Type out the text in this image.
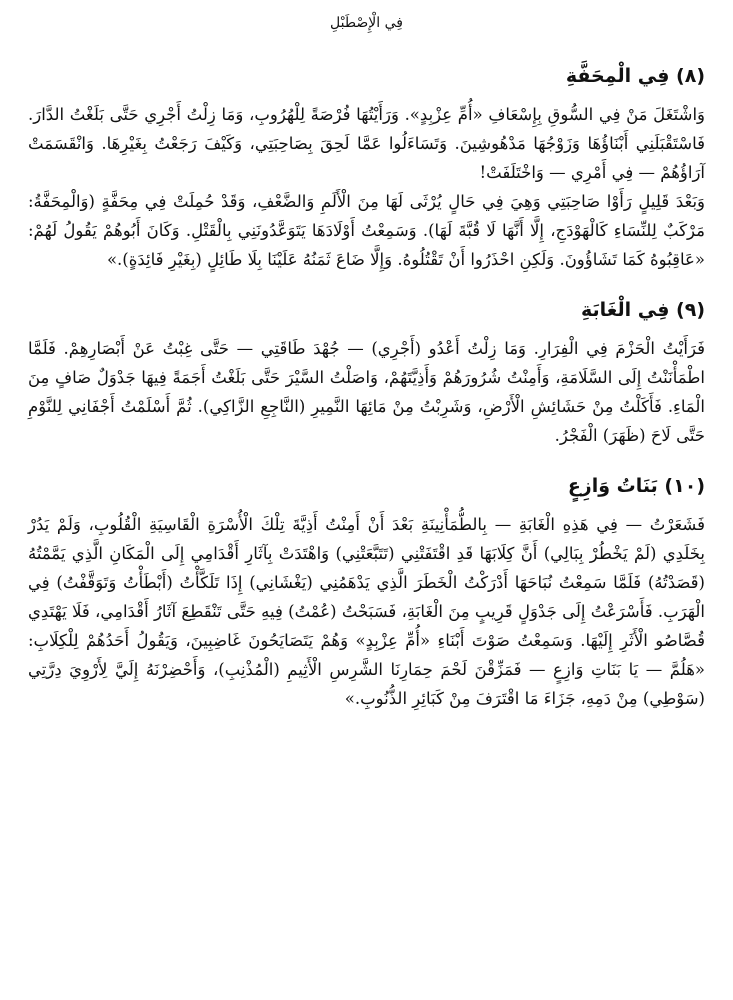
فِي الْإِصْطَبْلِ
(٨) فِي الْمِحَفَّةِ

وَاشْتَغَلَ مَنْ فِي السُّوقِ بِإِسْعَافِ «أُمِّ عِزْبِدٍ». وَرَأَيْتُهَا فُرْصَةً لِلْهُرُوبِ، وَمَا زِلْتُ أَجْرِي حَتَّى بَلَغْتُ الدَّارَ. فَاسْتَقْبَلَنِي أَبْنَاؤُهَا وَزَوْجُهَا مَدْهُوشِينَ. وَتَسَاءَلُوا عَمَّا لَحِقَ بِصَاحِبَتِي، وَكَيْفَ رَجَعْتُ بِغَيْرِهَا. وَانْقَسَمَتْ آرَاؤُهُمْ — فِي أَمْرِي — وَاخْتَلَفَتْ!

وَبَعْدَ قَلِيلٍ رَأَوْا صَاحِبَتِي وَهِيَ فِي حَالٍ يُرْثَى لَهَا مِنَ الْأَلَمِ وَالضَّعْفِ، وَقَدْ حُمِلَتْ فِي مِحَفَّةٍ (وَالْمِحَفَّةُ: مَرْكَبٌ لِلنِّسَاءِ كَالْهَوْدَجِ، إِلَّا أَنَّهَا لَا قُبَّةَ لَهَا). وَسَمِعْتُ أَوْلَادَهَا يَتَوَعَّدُونَنِي بِالْقَتْلِ. وَكَانَ أَبُوهُمْ يَقُولُ لَهُمْ: «عَاقِبُوهُ كَمَا تَشَاؤُونَ. وَلَكِنِ احْذَرُوا أَنْ تَقْتُلُوهُ. وَإِلَّا ضَاعَ ثَمَنُهُ عَلَيْنَا بِلَا طَائِلٍ (بِغَيْرِ فَائِدَةٍ).»

(٩) فِي الْغَابَةِ

فَرَأَيْتُ الْحَزْمَ فِي الْفِرَارِ. وَمَا زِلْتُ أَعْدُو (أَجْرِي) — جُهْدَ طَاقَتِي — حَتَّى غِبْتُ عَنْ أَبْصَارِهِمْ. فَلَمَّا اطْمَأْنَنْتُ إِلَى السَّلَامَةِ، وَأَمِنْتُ شُرُورَهُمْ وَأَذِيَّتَهُمْ، وَاصَلْتُ السَّيْرَ حَتَّى بَلَغْتُ أَجَمَةً فِيهَا جَدْوَلٌ صَافٍ مِنَ الْمَاءِ. فَأَكَلْتُ مِنْ حَشَائِشِ الْأَرْضِ، وَشَرِبْتُ مِنْ مَائِهَا النَّمِيرِ (النَّاجِعِ الزَّاكِي). ثُمَّ أَسْلَمْتُ أَجْفَانِي لِلنَّوْمِ حَتَّى لَاحَ (ظَهَرَ) الْفَجْرُ.

(١٠) بَنَاتُ وَازِعٍ

فَشَعَرْتُ — فِي هَذِهِ الْغَابَةِ — بِالطُّمَأْنِينَةِ بَعْدَ أَنْ أَمِنْتُ أَذِيَّةَ تِلْكَ الْأُسْرَةِ الْقَاسِيَةِ الْقُلُوبِ، وَلَمْ يَدُرْ بِخَلَدِي (لَمْ يَخْطُرْ بِبَالِي) أَنَّ كِلَابَهَا قَدِ اقْتَفَتْنِي (تَتَبَّعَتْنِي) وَاهْتَدَتْ بِآثَارِ أَقْدَامِي إِلَى الْمَكَانِ الَّذِي يَمَّمْتُهُ (قَصَدْتُهُ) فَلَمَّا سَمِعْتُ نُبَاحَهَا أَدْرَكْتُ الْخَطَرَ الَّذِي يَدْهَمُنِي (يَغْشَانِي) إِذَا تَلَكَّأْتُ (أَبْطَأْتُ وَتَوَقَّفْتُ) فِي الْهَرَبِ. فَأَسْرَعْتُ إِلَى جَدْوَلٍ قَرِيبٍ مِنَ الْغَابَةِ، فَسَبَحْتُ (عُمْتُ) فِيهِ حَتَّى تَنْقَطِعَ آثَارُ أَقْدَامِي، فَلَا يَهْتَدِي قُصَّاصُو الْأَثَرِ إِلَيْهَا. وَسَمِعْتُ صَوْتَ أَبْنَاءِ «أُمِّ عِزْبِدٍ» وَهُمْ يَتَصَايَحُونَ غَاضِبِينَ، وَيَقُولُ أَحَدُهُمْ لِلْكِلَابِ: «هَلُمَّ — يَا بَنَاتِ وَازِعٍ — فَمَزِّقْنَ لَحْمَ حِمَارِنَا الشَّرِسِ الْأَثِيمِ (الْمُذْنِبِ)، وَأَحْضِرْنَهُ إِلَيَّ لِأَرْوِيَ دِرَّتِي (سَوْطِي) مِنْ دَمِهِ، جَزَاءَ مَا اقْتَرَفَ مِنْ كَبَائِرِ الذُّنُوبِ.»
